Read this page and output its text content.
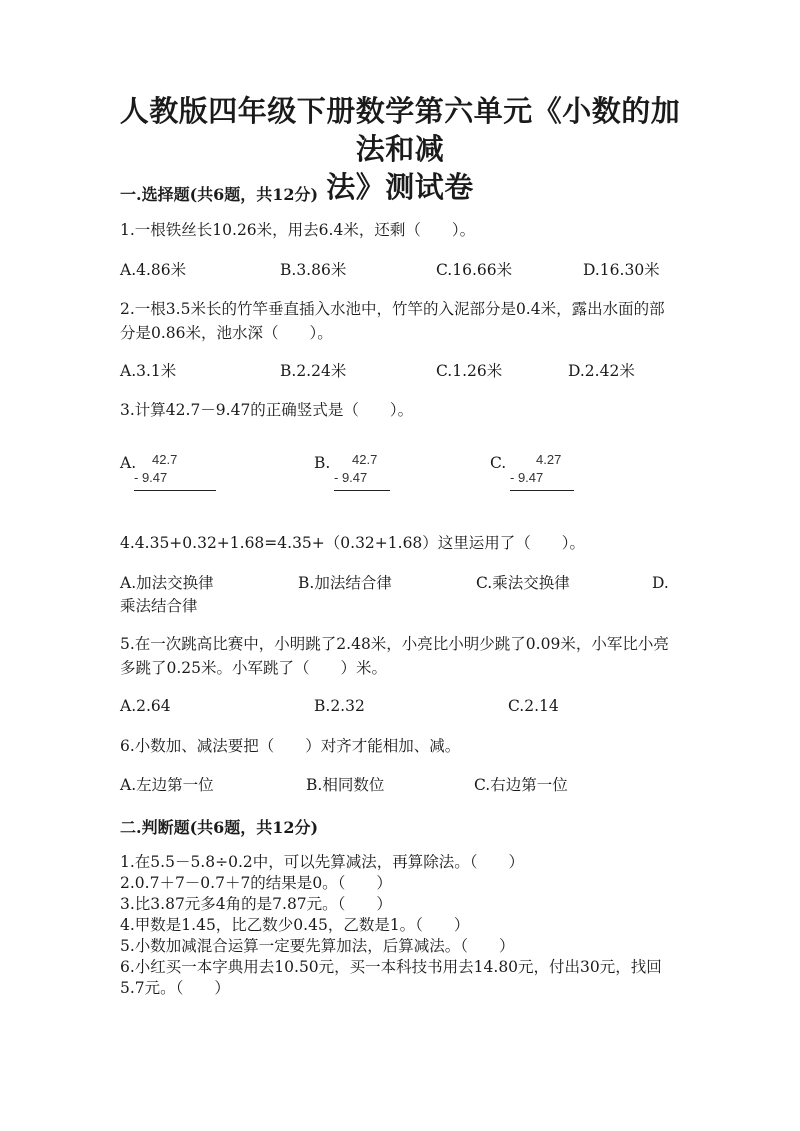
人教版四年级下册数学第六单元《小数的加法和减
法》测试卷
一.选择题(共6题，共12分)
1.一根铁丝长10.26米，用去6.4米，还剩（　　）。
A.4.86米	B.3.86米	C.16.66米	D.16.30米
2.一根3.5米长的竹竿垂直插入水池中，竹竿的入泥部分是0.4米，露出水面的部分是0.86米，池水深（　　）。
A.3.1米	B.2.24米	C.1.26米	D.2.42米
3.计算42.7－9.47的正确竖式是（　　）。
A. 42.7
- 9.47
B. 42.7
- 9.47
C. 4.27
- 9.47
4.4.35+0.32+1.68=4.35+（0.32+1.68）这里运用了（　　）。
A.加法交换律	B.加法结合律	C.乘法交换律	D.
乘法结合律
5.在一次跳高比赛中，小明跳了2.48米，小亮比小明少跳了0.09米，小军比小亮多跳了0.25米。小军跳了（　　）米。
A.2.64	B.2.32	C.2.14
6.小数加、减法要把（　　）对齐才能相加、减。
A.左边第一位	B.相同数位	C.右边第一位
二.判断题(共6题，共12分)
1.在5.5－5.8÷0.2中，可以先算减法，再算除法。（　　）
2.0.7＋7－0.7＋7的结果是0。（　　）
3.比3.87元多4角的是7.87元。（　　）
4.甲数是1.45，比乙数少0.45，乙数是1。（　　）
5.小数加减混合运算一定要先算加法，后算减法。（　　）
6.小红买一本字典用去10.50元，买一本科技书用去14.80元，付出30元，找回5.7元。（　　）
